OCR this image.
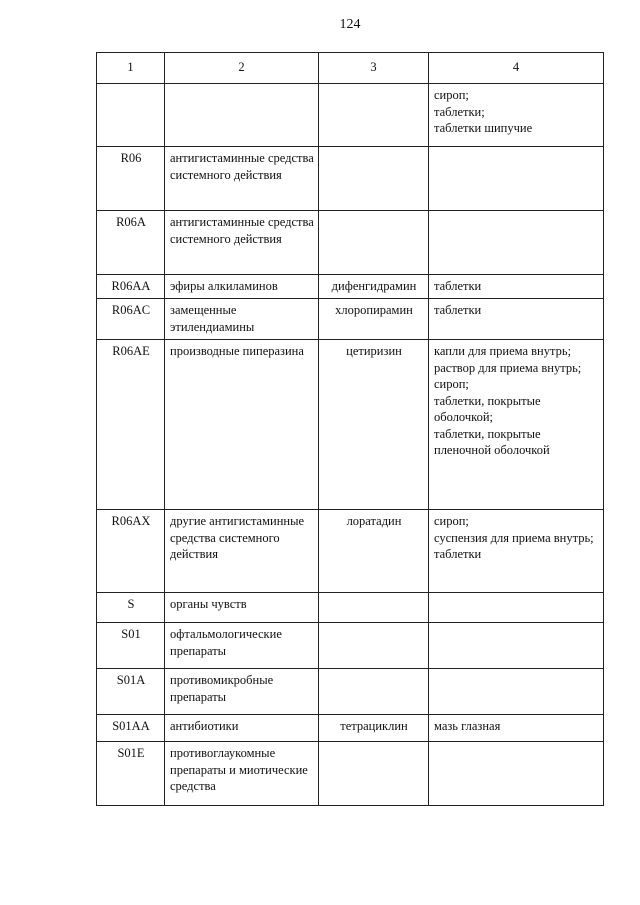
124
1	2	3	4

			сироп;
таблетки;
таблетки шипучие

R06	антигистаминные средства системного действия		
R06A	антигистаминные средства системного действия		
R06AA	эфиры алкиламинов	дифенгидрамин	таблетки

R06AC	замещенные этилендиамины	хлоропирамин	таблетки

R06AE	производные пиперазина	цетиризин	капли для приема внутрь;
раствор для приема внутрь;
сироп;
таблетки, покрытые оболочкой;
таблетки, покрытые пленочной оболочкой

R06AX	другие антигистаминные средства системного действия	лоратадин	сироп;
суспензия для приема внутрь;
таблетки

S	органы чувств		
S01	офтальмологические препараты		
S01A	противомикробные препараты		
S01AA	антибиотики	тетрациклин	мазь глазная

S01E	противоглаукомные препараты и миотические средства		
